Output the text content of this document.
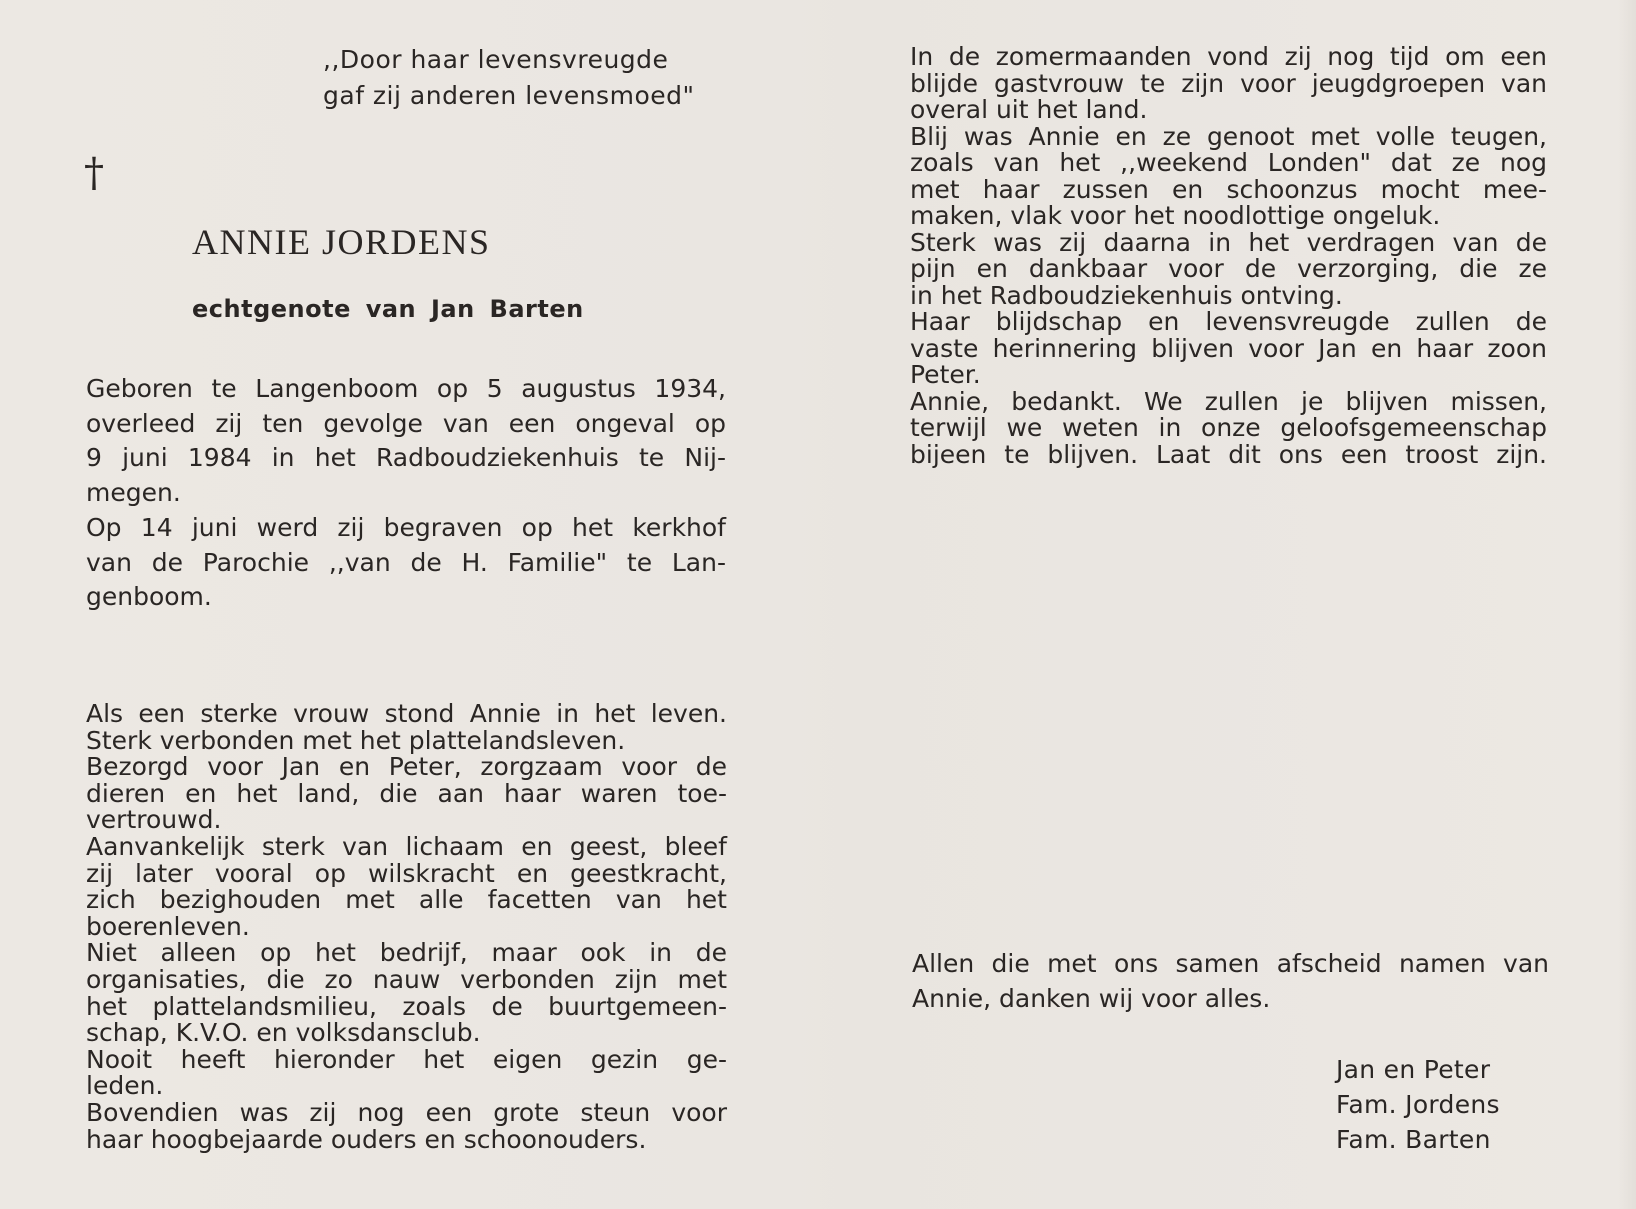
,,Door haar levensvreugde

gaf zij anderen levensmoed"

†

ANNIE JORDENS

echtgenote van Jan Barten

Geboren te Langenboom op 5 augustus 1934,
overleed zij ten gevolge van een ongeval op
9 juni 1984 in het Radboudziekenhuis te Nij-
megen.
Op 14 juni werd zij begraven op het kerkhof
van de Parochie ,,van de H. Familie" te Lan-
genboom.
Als een sterke vrouw stond Annie in het leven.
Sterk verbonden met het plattelandsleven.
Bezorgd voor Jan en Peter, zorgzaam voor de
dieren en het land, die aan haar waren toe-
vertrouwd.
Aanvankelijk sterk van lichaam en geest, bleef
zij later vooral op wilskracht en geestkracht,
zich bezighouden met alle facetten van het
boerenleven.
Niet alleen op het bedrijf, maar ook in de
organisaties, die zo nauw verbonden zijn met
het plattelandsmilieu, zoals de buurtgemeen-
schap, K.V.O. en volksdansclub.
Nooit heeft hieronder het eigen gezin ge-
leden.
Bovendien was zij nog een grote steun voor
haar hoogbejaarde ouders en schoonouders.
In de zomermaanden vond zij nog tijd om een
blijde gastvrouw te zijn voor jeugdgroepen van
overal uit het land.
Blij was Annie en ze genoot met volle teugen,
zoals van het ,,weekend Londen" dat ze nog
met haar zussen en schoonzus mocht mee-
maken, vlak voor het noodlottige ongeluk.
Sterk was zij daarna in het verdragen van de
pijn en dankbaar voor de verzorging, die ze
in het Radboudziekenhuis ontving.
Haar blijdschap en levensvreugde zullen de
vaste herinnering blijven voor Jan en haar zoon
Peter.
Annie, bedankt. We zullen je blijven missen,
terwijl we weten in onze geloofsgemeenschap
bijeen te blijven. Laat dit ons een troost zijn.
Allen die met ons samen afscheid namen van
Annie, danken wij voor alles.
Jan en Peter
Fam. Jordens
Fam. Barten
